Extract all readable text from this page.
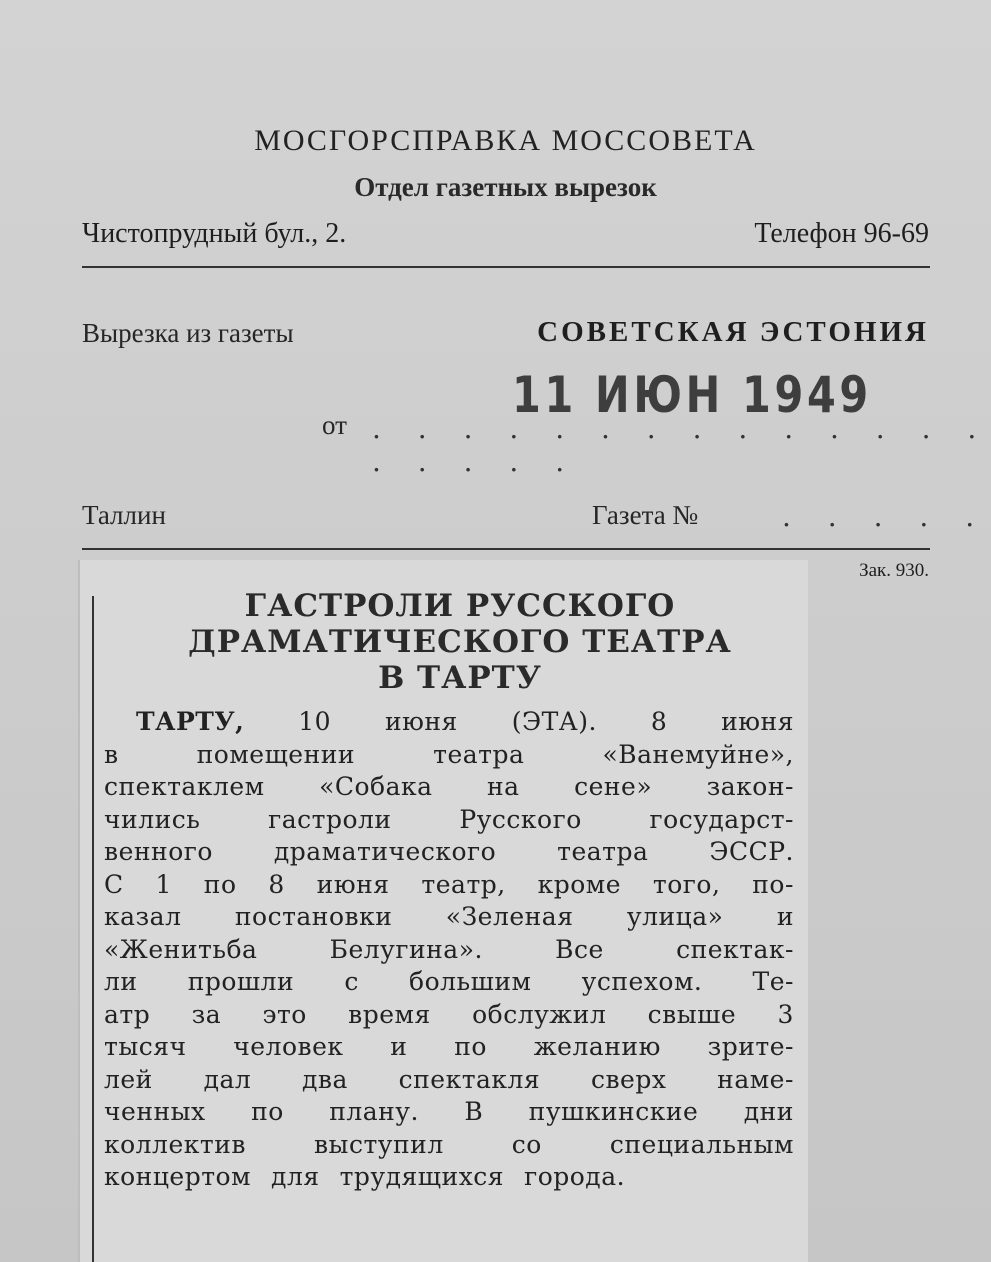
МОСГОРСПРАВКА МОССОВЕТА
Отдел газетных вырезок
Чистопрудный бул., 2.	Телефон 96-69
Вырезка из газеты	СОВЕТСКАЯ ЭСТОНИЯ
от . . . . . . . . . . . . . . . . . . .
11 ИЮН 1949
Таллин	Газета №	. . . . .
Зак. 930.
ГАСТРОЛИ РУССКОГО
ДРАМАТИЧЕСКОГО ТЕАТРА
В ТАРТУ
ТАРТУ, 10 июня (ЭТА). 8 июня
в	помещении	театра	«Ванемуйне»,
спектаклем «Собака на сене» закон-
чились	гастроли	Русского	государст-
венного драматического театра ЭССР.
С 1 по 8 июня театр, кроме того, по-
казал постановки «Зеленая улица» и
«Женитьба	Белугина».	Все	спектак-
ли прошли с большим успехом. Те-
атр за это время обслужил свыше 3
тысяч человек и по желанию зрите-
лей дал два спектакля сверх наме-
ченных по плану. В пушкинские дни
коллектив	выступил	со	специальным
концертом для трудящихся города.
